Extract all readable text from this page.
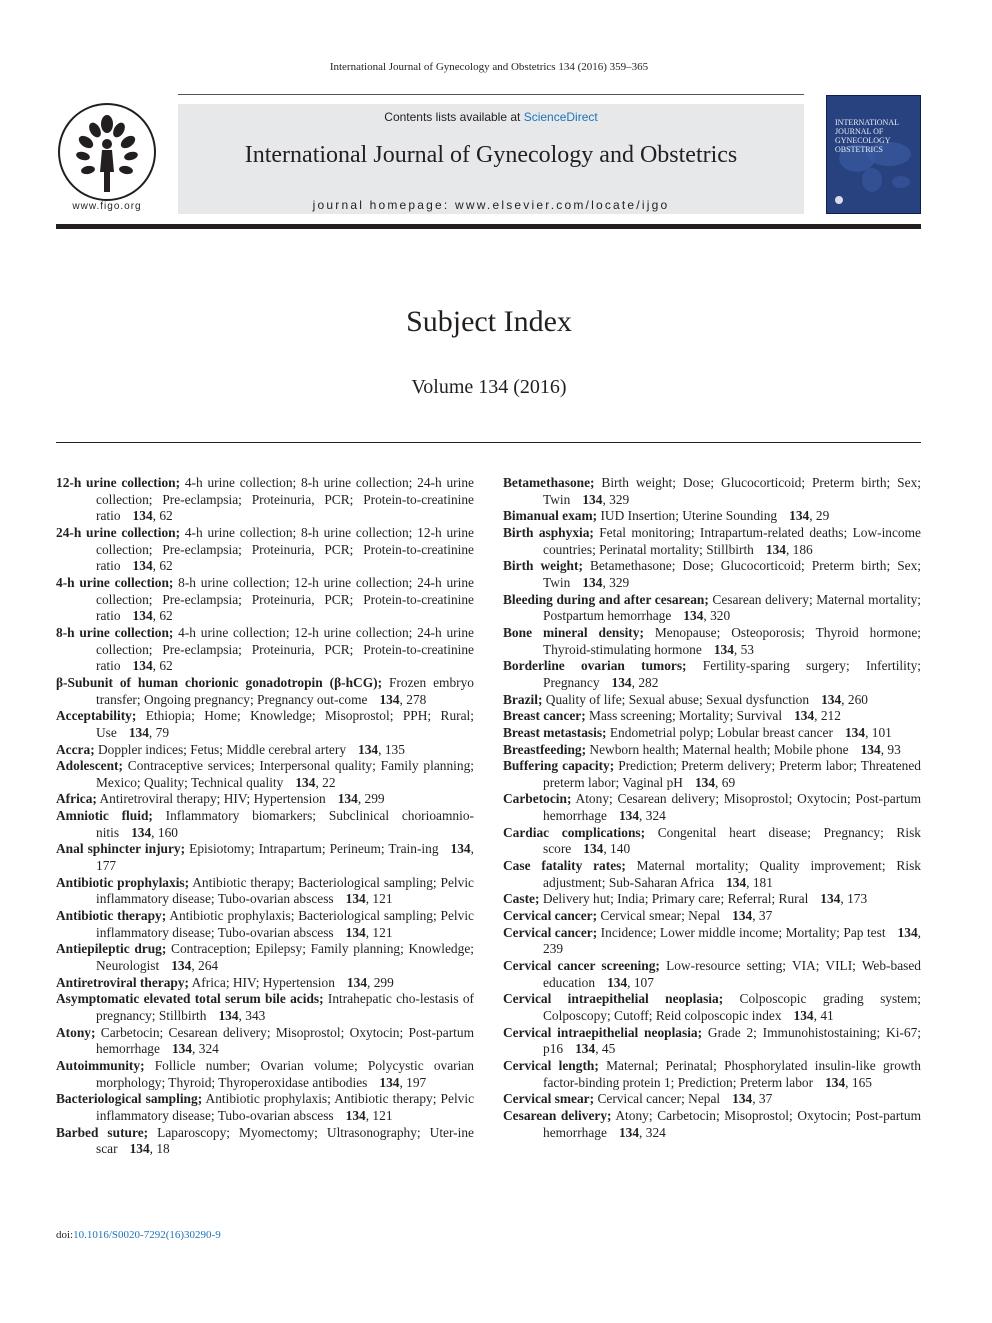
International Journal of Gynecology and Obstetrics 134 (2016) 359–365
www.figo.org
Contents lists available at ScienceDirect
International Journal of Gynecology and Obstetrics
journal homepage: www.elsevier.com/locate/ijgo
INTERNATIONAL JOURNAL OF GYNECOLOGY OBSTETRICS
Subject Index
Volume 134 (2016)

12-h urine collection; 4-h urine collection; 8-h urine collection; 24-h urine collection; Pre-eclampsia; Proteinuria, PCR; Protein-to-creatinine ratio 134, 62

24-h urine collection; 4-h urine collection; 8-h urine collection; 12-h urine collection; Pre-eclampsia; Proteinuria, PCR; Protein-to-creatinine ratio 134, 62

4-h urine collection; 8-h urine collection; 12-h urine collection; 24-h urine collection; Pre-eclampsia; Proteinuria, PCR; Protein-to-creatinine ratio 134, 62

8-h urine collection; 4-h urine collection; 12-h urine collection; 24-h urine collection; Pre-eclampsia; Proteinuria, PCR; Protein-to-creatinine ratio 134, 62

β-Subunit of human chorionic gonadotropin (β-hCG); Frozen embryo transfer; Ongoing pregnancy; Pregnancy out-come 134, 278

Acceptability; Ethiopia; Home; Knowledge; Misoprostol; PPH; Rural; Use 134, 79

Accra; Doppler indices; Fetus; Middle cerebral artery 134, 135

Adolescent; Contraceptive services; Interpersonal quality; Family planning; Mexico; Quality; Technical quality 134, 22

Africa; Antiretroviral therapy; HIV; Hypertension 134, 299

Amniotic fluid; Inflammatory biomarkers; Subclinical chorioamnio-nitis 134, 160

Anal sphincter injury; Episiotomy; Intrapartum; Perineum; Train-ing 134, 177

Antibiotic prophylaxis; Antibiotic therapy; Bacteriological sampling; Pelvic inflammatory disease; Tubo-ovarian abscess 134, 121

Antibiotic therapy; Antibiotic prophylaxis; Bacteriological sampling; Pelvic inflammatory disease; Tubo-ovarian abscess 134, 121

Antiepileptic drug; Contraception; Epilepsy; Family planning; Knowledge; Neurologist 134, 264

Antiretroviral therapy; Africa; HIV; Hypertension 134, 299

Asymptomatic elevated total serum bile acids; Intrahepatic cho-lestasis of pregnancy; Stillbirth 134, 343

Atony; Carbetocin; Cesarean delivery; Misoprostol; Oxytocin; Post-partum hemorrhage 134, 324

Autoimmunity; Follicle number; Ovarian volume; Polycystic ovarian morphology; Thyroid; Thyroperoxidase antibodies 134, 197

Bacteriological sampling; Antibiotic prophylaxis; Antibiotic therapy; Pelvic inflammatory disease; Tubo-ovarian abscess 134, 121

Barbed suture; Laparoscopy; Myomectomy; Ultrasonography; Uter-ine scar 134, 18

Betamethasone; Birth weight; Dose; Glucocorticoid; Preterm birth; Sex; Twin 134, 329

Bimanual exam; IUD Insertion; Uterine Sounding 134, 29

Birth asphyxia; Fetal monitoring; Intrapartum-related deaths; Low-income countries; Perinatal mortality; Stillbirth 134, 186

Birth weight; Betamethasone; Dose; Glucocorticoid; Preterm birth; Sex; Twin 134, 329

Bleeding during and after cesarean; Cesarean delivery; Maternal mortality; Postpartum hemorrhage 134, 320

Bone mineral density; Menopause; Osteoporosis; Thyroid hormone; Thyroid-stimulating hormone 134, 53

Borderline ovarian tumors; Fertility-sparing surgery; Infertility; Pregnancy 134, 282

Brazil; Quality of life; Sexual abuse; Sexual dysfunction 134, 260

Breast cancer; Mass screening; Mortality; Survival 134, 212

Breast metastasis; Endometrial polyp; Lobular breast cancer 134, 101

Breastfeeding; Newborn health; Maternal health; Mobile phone 134, 93

Buffering capacity; Prediction; Preterm delivery; Preterm labor; Threatened preterm labor; Vaginal pH 134, 69

Carbetocin; Atony; Cesarean delivery; Misoprostol; Oxytocin; Post-partum hemorrhage 134, 324

Cardiac complications; Congenital heart disease; Pregnancy; Risk score 134, 140

Case fatality rates; Maternal mortality; Quality improvement; Risk adjustment; Sub-Saharan Africa 134, 181

Caste; Delivery hut; India; Primary care; Referral; Rural 134, 173

Cervical cancer; Cervical smear; Nepal 134, 37

Cervical cancer; Incidence; Lower middle income; Mortality; Pap test 134, 239

Cervical cancer screening; Low-resource setting; VIA; VILI; Web-based education 134, 107

Cervical intraepithelial neoplasia; Colposcopic grading system; Colposcopy; Cutoff; Reid colposcopic index 134, 41

Cervical intraepithelial neoplasia; Grade 2; Immunohistostaining; Ki-67; p16 134, 45

Cervical length; Maternal; Perinatal; Phosphorylated insulin-like growth factor-binding protein 1; Prediction; Preterm labor 134, 165

Cervical smear; Cervical cancer; Nepal 134, 37

Cesarean delivery; Atony; Carbetocin; Misoprostol; Oxytocin; Post-partum hemorrhage 134, 324

doi:10.1016/S0020-7292(16)30290-9
